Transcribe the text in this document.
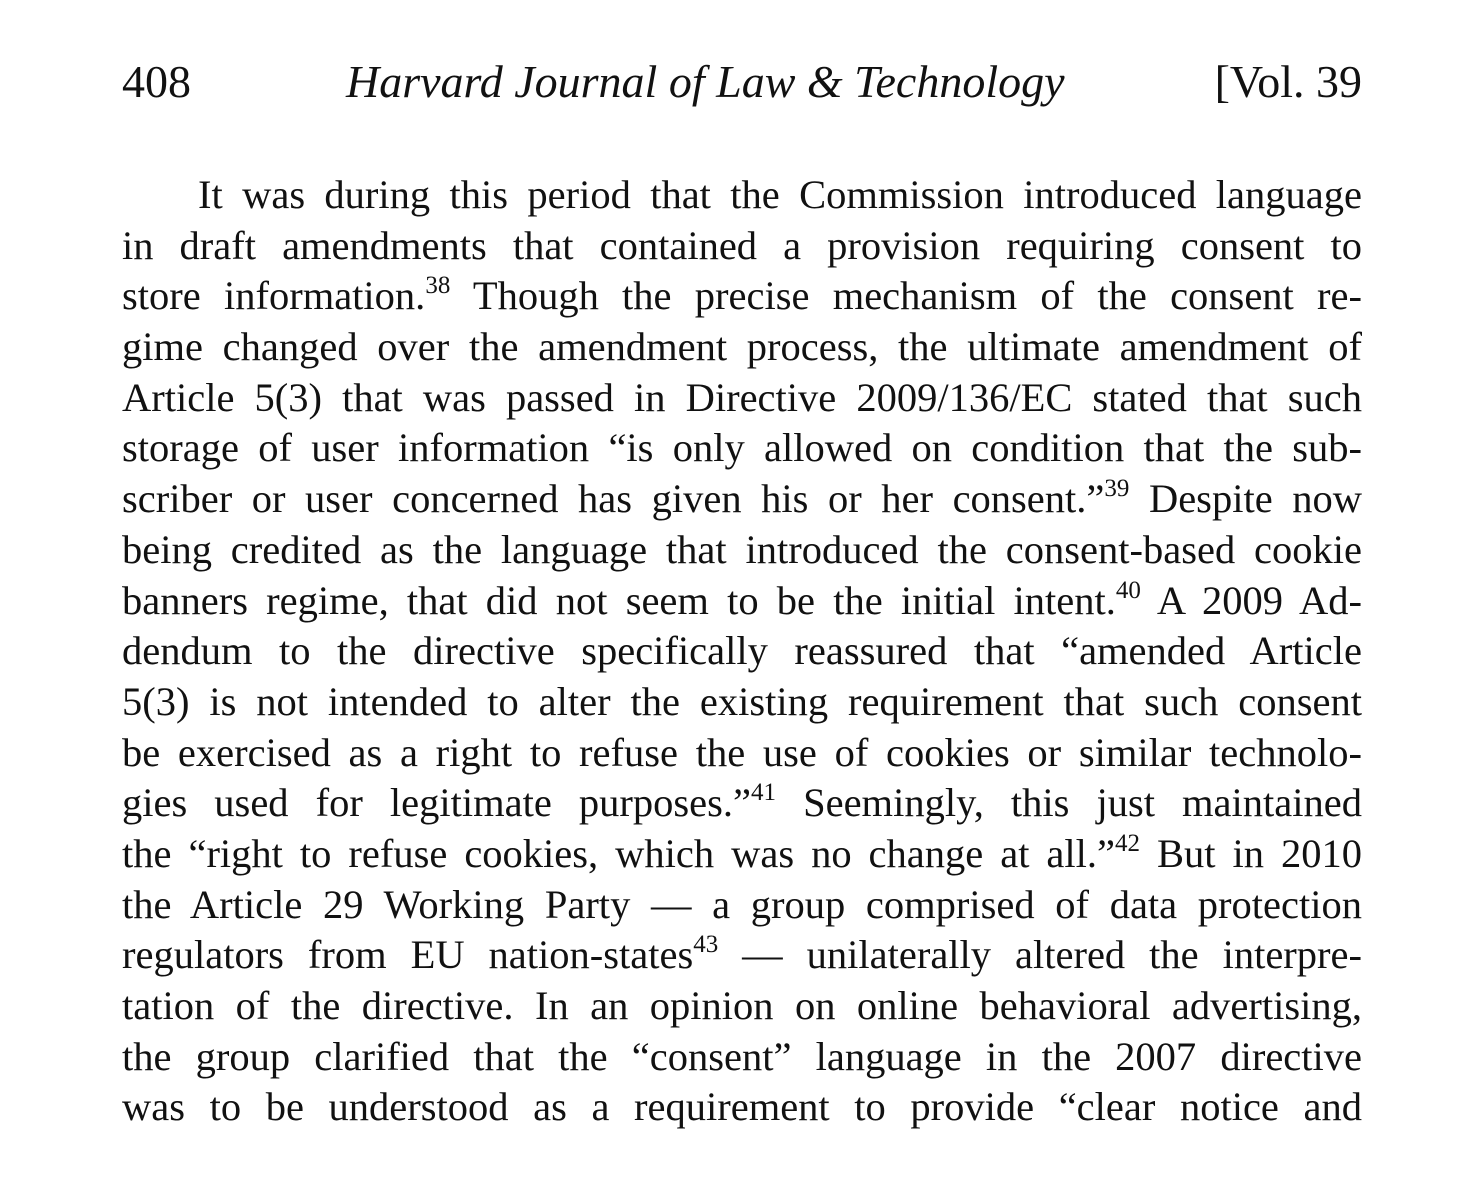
408	Harvard Journal of Law & Technology	[Vol. 39
It was during this period that the Commission introduced language
in draft amendments that contained a provision requiring consent to
store information.$^{38}$ Though the precise mechanism of the consent re-
gime changed over the amendment process, the ultimate amendment of
Article 5(3) that was passed in Directive 2009/136/EC stated that such
storage of user information “is only allowed on condition that the sub-
scriber or user concerned has given his or her consent.”$^{39}$ Despite now
being credited as the language that introduced the consent-based cookie
banners regime, that did not seem to be the initial intent.$^{40}$ A 2009 Ad-
dendum to the directive specifically reassured that “amended Article
5(3) is not intended to alter the existing requirement that such consent
be exercised as a right to refuse the use of cookies or similar technolo-
gies used for legitimate purposes.”$^{41}$ Seemingly, this just maintained
the “right to refuse cookies, which was no change at all.”$^{42}$ But in 2010
the Article 29 Working Party — a group comprised of data protection
regulators from EU nation-states$^{43}$ — unilaterally altered the interpre-
tation of the directive. In an opinion on online behavioral advertising,
the group clarified that the “consent” language in the 2007 directive
was to be understood as a requirement to provide “clear notice and
